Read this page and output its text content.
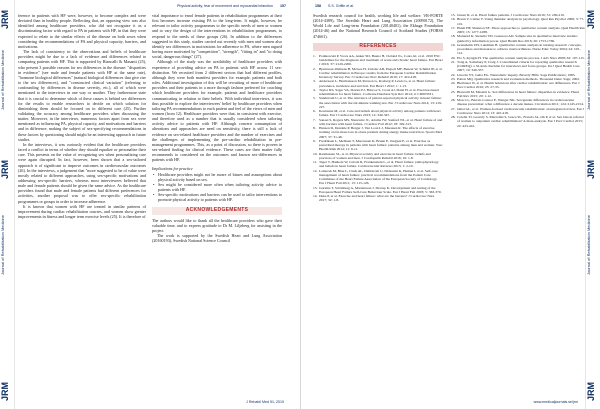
JRM
Journal of Rehabilitation Medicine
JRM
Journal of Rehabilitation Medicine
JRM
Physical activity, fear of movement and myocardial infarction 157

ference in patients with HF were, however, to become complex and were deviated than in healthy people. Reflecting that, an opposing view was also identified among healthcare providers, who did not recognize it as a discriminating factor with regard to PA in patients with HF, in that they were expected to relate to the similar effects of the disease on both sexes when considering the recommendations of PA and physical capacity, barriers, and motivations.

The lack of consistency in the observations and beliefs of healthcare providers might be due to a lack of evidence and differences related to comparing patients with HF. This is supported by Biancalli & Masanti (25), who present 3 possible reasons for sex differences in the disease: "disparities in evidence" (see male and female patients with HF at the same rate), "hormone biological differences" (natural biological differences that give rise to the sex differences), and "constructed clinical variation" (referring to confounding by differences in disease severity, etc.), all of which were mentioned to the interviews in one way or another. They furthermore state that it is crucial to determine which of these causes is behind sex differences for the results to enable researchers to decide on which solution for diminishing them should be focused on in different care (25). Further validating the accuracy among healthcare providers when discussing the matter. Moreover, in the interviews, numerous factors apart from sex were mentioned as influencing PA, physical capacity, and motivations and barriers and in difference, making the subject of sex-specifying recommendations in these factors by questioning should might be an interesting approach in future studies.

In the interviews, it was curiously evident that the healthcare providers faced a conflict in terms of whether they should equalize or personalize their care. This presents on the value of recognizing sex when personalizing care were again disrupted. In fact, however, been shown that a sex-tailored approach is of significant to improve outcomes in cardiovascular outcomes (26). In the interviews, a judgement that "more suggested to be of value were mostly related to different approaches, using sex-specific motivations and addressing sex-specific barriers, whereas most interviewees believed that male and female patients should be given the same advice. As the healthcare providers found that male and female patients had different preferences for activities, another proposal was to offer sex-specific rehabilitation programmes or groups in order to increase adherence.

It is known that women with HF are treated in similar patterns of improvement during cardiac rehabilitation courses, and women show greater improvements in fitness and longer term exercise levels (25). It is therefore of

vital importance to enrol female patients in rehabilitation programmes at their first becomes increase existing PA to the long-term. It might, however, be relevant to tailor activity programmes to the specific needs of men or women and to vary the design of the interventions in rehabilitation programmes, to respond to the needs of these groups (26). In addition to the differences suggested in this study, studies carried out recently with men and women also identify sex differences in motivations for adherence to PA, where men argued having more motivated by "competition", "strength", "fitting in" and "to doing social, dangerous things" (27).

Although of the study was the availability of healthcare providers with experience of providing advice on PA to patients with HF across 11 sex-distinction. We recruited from 2 different sectors that had different profiles, although they were both manifest providers for example, patients and both roles. Additional investigation of this will be recruiting of more of healthcare providers and their patients in a more through fashion preferred for coaching which healthcare providers for example, patients and healthcare providers communicating in relation to their beliefs. With individual interviews, it was thus possible to explore the interviewees' belief by healthcare providers when tailoring PA recommendations to each patient and feel of the views of men and women (from 12). Healthcare providers were that, in consistent with exercise, and therefore used as a number that is usually considered when tailoring activity advice to patients with HF. Although concern consumption of alterations and approaches are need on sensitivity, there is still a lack of evidence on sex-related healthcare providers and the number of exercises and the challenges of implementing the pre-cardiac rehabilitation in pre-management programmes. This, as a point of discussion, so there is proven in sex-related finding for clinical evidence. These cases are their matter fully recommends to considered on the outcomes and known sex-differences in patients with HF.

Implications for practice
• Healthcare providers might not be aware of biases and assumptions about physical activity based on sex.
• Sex might be considered more often when tailoring activity advice to patients with HF.
• Sex-specific motivations and barriers can be used to tailor interventions to promote physical activity to patients with HF.
ACKNOWLEDGEMENTS

The authors would like to thank all the healthcare providers who gave their valuable time, and to express gratitude to Dr M. Liljeberg for assisting in the project.

The work is supported by the Swedish Heart and Lung Association (20160193), Swedish National Science Council

J Rehabil Med 51, 2019
JRM
Journal of Rehabilitation Medicine
JRM
Journal of Rehabilitation Medicine
JRM
158 S.S. Griffin et al.

Swedish research council for health, working life and welfare. VR-FORTE (2014-4389), The Swedish Heart and Lung Association (20090172), The World Life and Long-term Foundation (20140401), the Ekhaga Foundation (2014-46) and the National Research Council of Scotland Studies (FORSS 474661).

REFERENCES
1. Ponikowski P, Voors AA, Anker SD, Bueno H, Cleland JG, Coats AJ, et al. 2016 ESC Guidelines for the diagnosis and treatment of acute and chronic heart failure. Eur Heart J 2016; 37: 2129-2200.
2. Bjarnason-Wehrens B, McGee H, Zwisler AD, Piepoli MF, Benzer W, Schmid JP, et al. Cardiac rehabilitation in Europe: results from the European Cardiac Rehabilitation Inventory Survey. Eur J Cardiovasc Prev Rehabil 2010; 17: 410-418.
3. Andersson L, Hermansson M, Persson G, Rosberg P, Lewis G, et al. Heart failure: prevalence, incidence and survival. Eur Heart J 2012; 1: 1-13.
4. Taylor RS, Sagar VA, Davies EJ, Briscoe S, Coats AJ, Dalal H, et al. Exercise-based rehabilitation for heart failure. Cochrane Database Syst Rev 2014; 4: CD003331.
5. Sundstrom U, et al. The relevance of patient-reported physical activity in heart failure: the association with the six-minute walking test. Eur J Cardiovasc Nurs 2014; 13: 219-227.
6. Koutsiana M, et al. Care and beliefs about physical activity among patients with heart failure. Eur J Cardiovasc Nurs 2013; 12: 340-347.
7. Sanaei S, Rogers MS, Nunewitz JC, Adams JW, Sanford NL, et al. Heart failure of and with barriers with heart failure. J Cardiac Fail 2012; 18: 302-313.
8. Hansen D, Dendale P, Berger J, Van Loon LJ, Meeusen R. The effects of exercise training on fat-mass loss in obese patients during energy intake restriction. Sports Med 2007; 37: 31-46.
9. Fredriksen L, Mehlsen T, Marcussen K, Bruun E, Jungsen E, et al. Exercise as prescribed therapy in patients with heart failure: patterns among men and women. Vasc Health Risk 2014; 11: 6-11.
10. Rasmussen SL, et al. Physical activity and exercise in heart failure: beliefs and practices of women and men. J Cardiopulm Rehabil 2016; 16: 1-8.
11. Tager T, Hanholz W, Cebola R, Frankenstein L, et al. Heart failure: pathophysiology and beliefs in heart failure. Cardiovascular Reviews 2013; 1: 2-10.
12. Lainscak M, Blue L, Clark AL, Dahlstrom U, Dickstein K, Ekman I, et al. Self-care management of heart failure: practical recommendations from the Patient Care Committee of the Heart Failure Association of the European Society of Cardiology. Eur J Heart Fail 2011; 13: 115-126.
13. Jaarsma T, Strömberg A, Martensson J, Dracup K. Development and testing of the European Heart Failure Self-Care Behaviour Scale. Eur J Heart Fail 2003; 5: 363-370.
14. Deka P, et al. Exercise and heart failure: what are the barriers? J Cardiovasc Nurs 2017; 32: 1-8.
15. Glaser R, et al. Heart failure patients. J Cardiovasc Nurs 2016; 31: 200-210.
16. Braun V, Clarke V. Using thematic analysis in psychology. Qual Res Psychol 2006; 3: 77-101.
17. Hsieh HF, Shannon SE. Three approaches to qualitative content analysis. Qual Health Res 2005; 15: 1277-1288.
18. Malterud K, Siersma VD, Guassora AD. Sample size in qualitative interview studies: guided by information power. Qual Health Res 2016; 26: 1753-1760.
19. Graneheim UH, Lundman B. Qualitative content analysis in nursing research: concepts, procedures and measures to achieve trustworthiness. Nurse Educ Today 2004; 24: 105-112.
20. Elo S, Kyngäs H. The qualitative content analysis process. J Adv Nurs 2008; 62: 107-115.
21. Tong A, Sainsbury P, Craig J. Consolidated criteria for reporting qualitative research (COREQ): a 32-item checklist for interviews and focus groups. Int J Qual Health Care 2007; 19: 349-357.
22. Lincoln YS, Guba EG. Naturalistic inquiry. Beverly Hills: Sage Publications; 1985.
23. Patton MQ. Qualitative research and evaluation methods. Thousand Oaks: Sage; 2002.
24. Bierbauer W, et al. Health behaviour after cardiac rehabilitation: sex differences. Eur J Prev Cardiol 2016; 23: 27-35.
25. Biancalli M, Masanti G. Sex differences in heart failure: disparities in evidence. Heart Fail Rev 2015; 20: 1-12.
26. Mosca L, Barrett-Connor E, Wenger NK. Sex/gender differences in cardiovascular disease prevention: what a difference a decade makes. Circulation 2011; 124: 2145-2154.
27. Ghisi GL, et al. Women-focused cardiovascular rehabilitation: an integrated review. Eur J Cardiovasc Nurs 2014; 13: 410-418.
28. Colella TJ, Gravely S, Marzolini S, Grace SL, Francis JA, Oh P, et al. Sex bias in referral of women to outpatient cardiac rehabilitation? A meta-analysis. Eur J Prev Cardiol 2015; 22: 423-441.
www.medicaljournals.se/jrm
